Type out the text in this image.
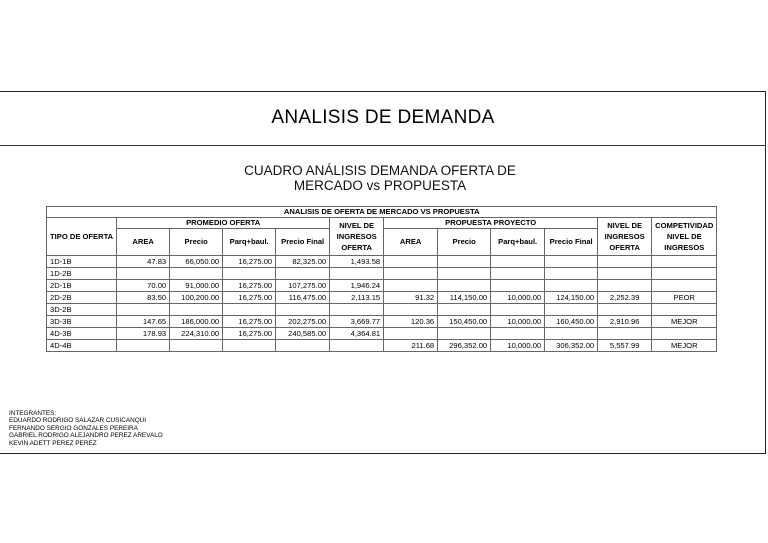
ANALISIS DE DEMANDA
CUADRO ANÁLISIS DEMANDA OFERTA DE
MERCADO vs PROPUESTA
ANALISIS DE OFERTA DE MERCADO VS PROPUESTA											
TIPO DE OFERTA	PROMEDIO OFERTA				NIVEL DE INGRESOS OFERTA	PROPUESTA PROYECTO				NIVEL DE INGRESOS OFERTA	COMPETIVIDAD NIVEL DE INGRESOS
	AREA	Precio	Parq+baul.	Precio Final		AREA	Precio	Parq+baul.	Precio Final		
1D-1B	47.83	66,050.00	16,275.00	82,325.00	1,493.58						
1D-2B											
2D-1B	70.00	91,000.00	16,275.00	107,275.00	1,946.24						
2D-2B	83.50	100,200.00	16,275.00	116,475.00	2,113.15	91.32	114,150.00	10,000.00	124,150.00	2,252.39	PEOR
3D-2B											
3D-3B	147.65	186,000.00	16,275.00	202,275.00	3,669.77	120.36	150,450.00	10,000.00	160,450.00	2,910.96	MEJOR
4D-3B	178.93	224,310.00	16,275.00	240,585.00	4,364.81						
4D-4B						211.68	296,352.00	10,000.00	306,352.00	5,557.99	MEJOR
INTEGRANTES:
EDUARDO RODRIGO SALAZAR CUSICANQUI
FERNANDO SERGIO GONZALES PEREIRA
GABRIEL RODRIGO ALEJANDRO PEREZ AREVALO
KEVIN ADETT PEREZ PEREZ
